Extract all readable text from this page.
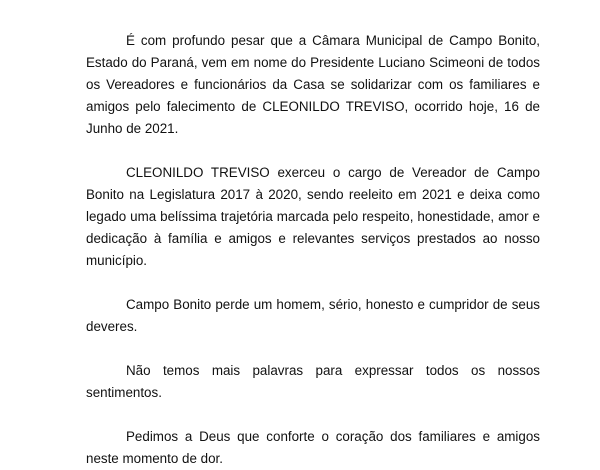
É com profundo pesar que a Câmara Municipal de Campo Bonito, Estado do Paraná, vem em nome do Presidente Luciano Scimeoni de todos os Vereadores e funcionários da Casa se solidarizar com os familiares e amigos pelo falecimento de CLEONILDO TREVISO, ocorrido hoje, 16 de Junho de 2021.

CLEONILDO TREVISO exerceu o cargo de Vereador de Campo Bonito na Legislatura 2017 à 2020, sendo reeleito em 2021 e deixa como legado uma belíssima trajetória marcada pelo respeito, honestidade, amor e dedicação à família e amigos e relevantes serviços prestados ao nosso município.

Campo Bonito perde um homem, sério, honesto e cumpridor de seus deveres.

Não temos mais palavras para expressar todos os nossos sentimentos.

Pedimos a Deus que conforte o coração dos familiares e amigos neste momento de dor.
